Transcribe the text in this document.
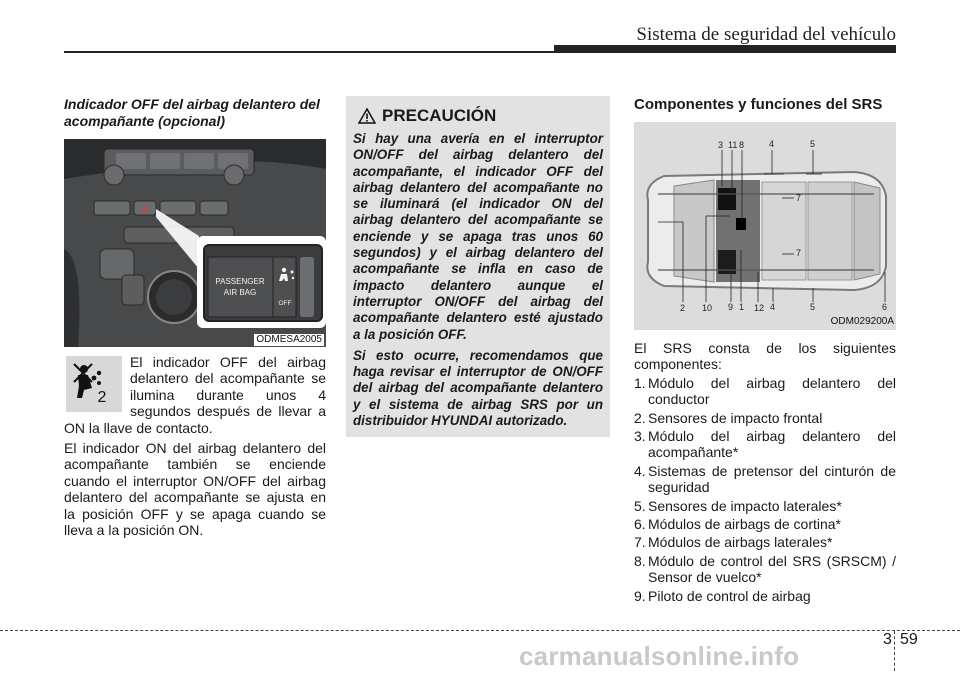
Sistema de seguridad del vehículo
Indicador OFF del airbag delantero del acompañante (opcional)
PASSENGER
AIR BAG
OFF
ODMESA2005
2

El indicador OFF del airbag delantero del acompañante se ilumina durante unos 4 segundos después de llevar a ON la llave de contacto.

El indicador ON del airbag delantero del acompañante también se enciende cuando el interruptor ON/OFF del airbag delantero del acompañante se ajusta en la posición OFF y se apaga cuando se lleva a la posición ON.

PRECAUCIÓN

Si hay una avería en el interruptor ON/OFF del airbag delantero del acompañante, el indicador OFF del airbag delantero del acompañante no se iluminará (el indicador ON del airbag delantero del acompañante se enciende y se apaga tras unos 60 segundos) y el airbag delantero del acompañante se infla en caso de impacto delantero aunque el interruptor ON/OFF del airbag del acompañante delantero esté ajustado a la posición OFF.

Si esto ocurre, recomendamos que haga revisar el interruptor de ON/OFF del airbag del acompañante delantero y el sistema de airbag SRS por un distribuidor HYUNDAI autorizado.

Componentes y funciones del SRS
3 11 8	4	5
2 10 9 1 12 4	5	6
7
7
ODM029200A

El SRS consta de los siguientes componentes:

1. Módulo del airbag delantero del conductor
2. Sensores de impacto frontal
3. Módulo del airbag delantero del acompañante*
4. Sistemas de pretensor del cinturón de seguridad
5. Sensores de impacto laterales*
6. Módulos de airbags de cortina*
7. Módulos de airbags laterales*
8. Módulo de control del SRS (SRSCM) / Sensor de vuelco*
9. Piloto de control de airbag
3 59
carmanualsonline.info
